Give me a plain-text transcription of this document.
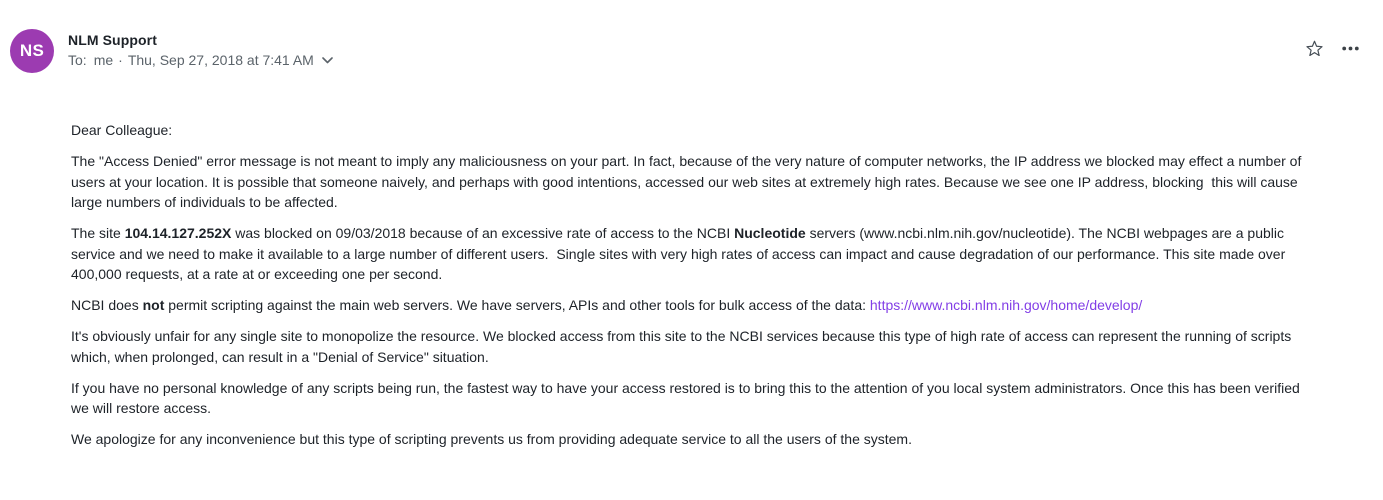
NS
NLM Support
To: me · Thu, Sep 27, 2018 at 7:41 AM

Dear Colleague:

The "Access Denied" error message is not meant to imply any maliciousness on your part. In fact, because of the very nature of computer networks, the IP address we blocked may effect a number of users at your location. It is possible that someone naively, and perhaps with good intentions, accessed our web sites at extremely high rates. Because we see one IP address, blocking  this will cause large numbers of individuals to be affected.

The site 104.14.127.252X was blocked on 09/03/2018 because of an excessive rate of access to the NCBI Nucleotide servers (www.ncbi.nlm.nih.gov/nucleotide). The NCBI webpages are a public service and we need to make it available to a large number of different users.  Single sites with very high rates of access can impact and cause degradation of our performance. This site made over 400,000 requests, at a rate at or exceeding one per second.

NCBI does not permit scripting against the main web servers. We have servers, APIs and other tools for bulk access of the data: https://www.ncbi.nlm.nih.gov/home/develop/

It's obviously unfair for any single site to monopolize the resource. We blocked access from this site to the NCBI services because this type of high rate of access can represent the running of scripts which, when prolonged, can result in a "Denial of Service" situation.

If you have no personal knowledge of any scripts being run, the fastest way to have your access restored is to bring this to the attention of you local system administrators. Once this has been verified we will restore access.

We apologize for any inconvenience but this type of scripting prevents us from providing adequate service to all the users of the system.
